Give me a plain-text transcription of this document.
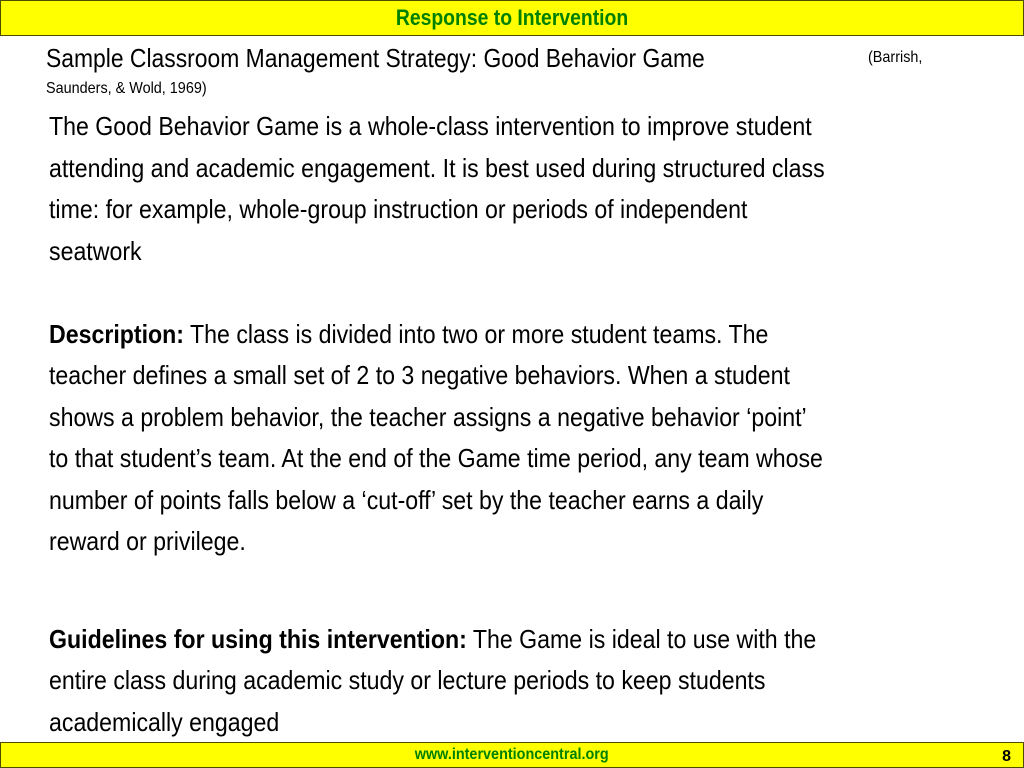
Response to Intervention
Sample Classroom Management Strategy: Good Behavior Game	(Barrish,
Saunders, & Wold, 1969)

The Good Behavior Game is a whole-class intervention to improve student
attending and academic engagement. It is best used during structured class
time: for example, whole-group instruction or periods of independent
seatwork

Description: The class is divided into two or more student teams. The
teacher defines a small set of 2 to 3 negative behaviors. When a student
shows a problem behavior, the teacher assigns a negative behavior ‘point’
to that student’s team. At the end of the Game time period, any team whose
number of points falls below a ‘cut-off’ set by the teacher earns a daily
reward or privilege.

Guidelines for using this intervention: The Game is ideal to use with the
entire class during academic study or lecture periods to keep students
academically engaged

www.interventioncentral.org	8
